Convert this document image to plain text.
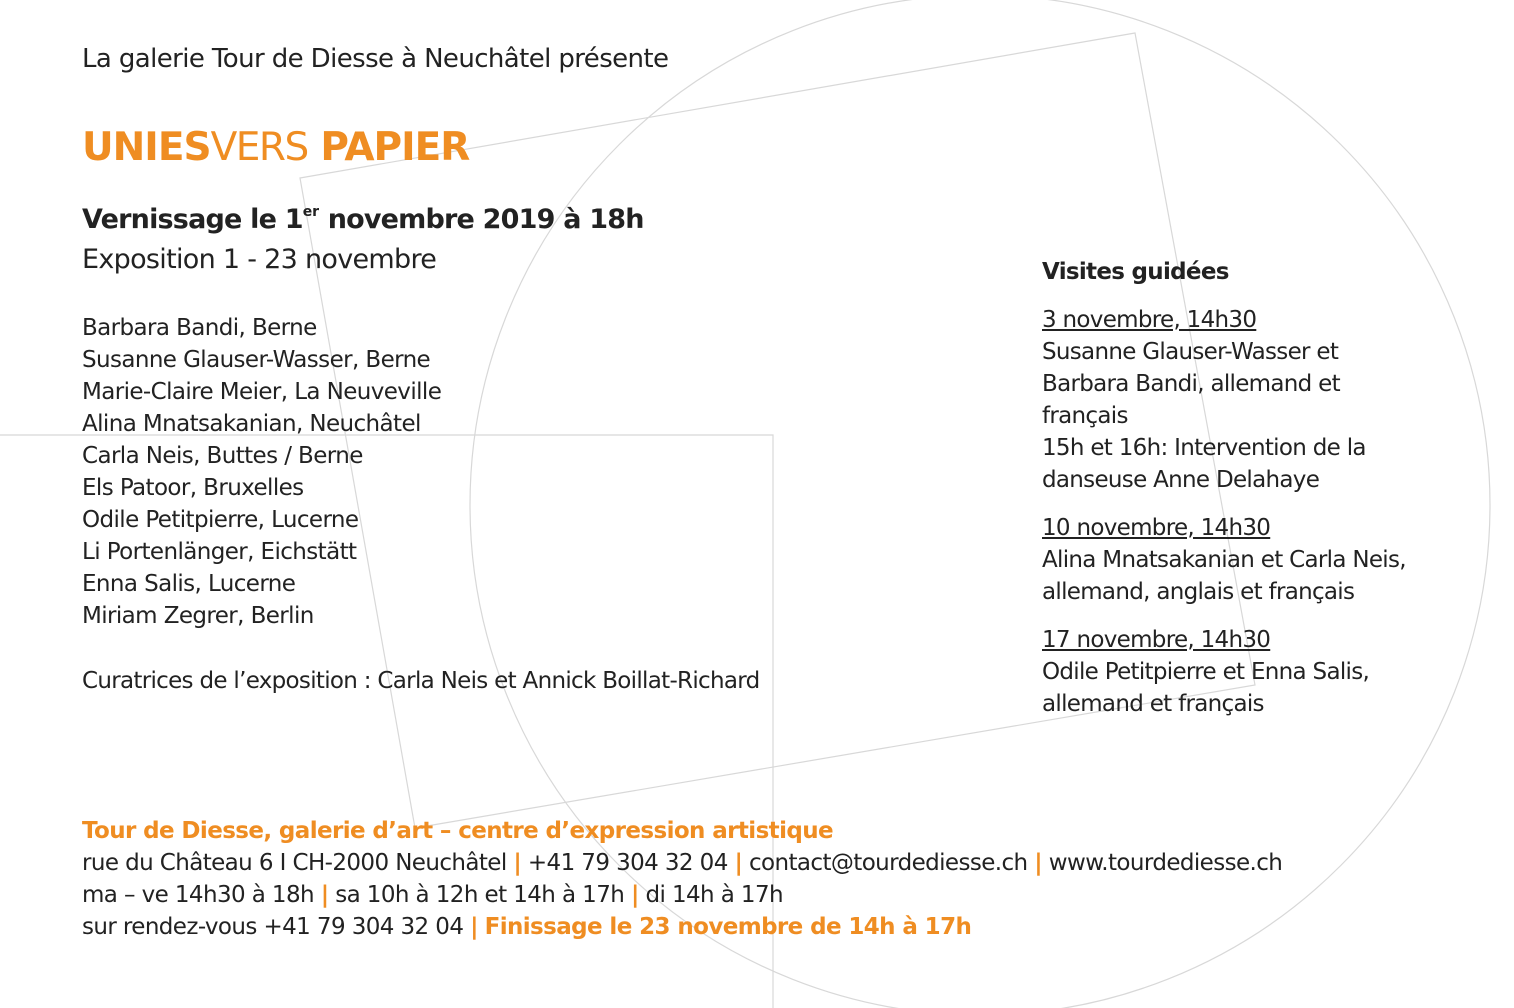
La galerie Tour de Diesse à Neuchâtel présente
UNIESVERS PAPIER
Vernissage le 1er novembre 2019 à 18h
Exposition 1 - 23 novembre
Barbara Bandi, Berne
Susanne Glauser-Wasser, Berne
Marie-Claire Meier, La Neuveville
Alina Mnatsakanian, Neuchâtel
Carla Neis, Buttes / Berne
Els Patoor, Bruxelles
Odile Petitpierre, Lucerne
Li Portenlänger, Eichstätt
Enna Salis, Lucerne
Miriam Zegrer, Berlin
Curatrices de l’exposition : Carla Neis et Annick Boillat-Richard
Visites guidées
3 novembre, 14h30
Susanne Glauser-Wasser et
Barbara Bandi, allemand et
français
15h et 16h: Intervention de la
danseuse Anne Delahaye
10 novembre, 14h30
Alina Mnatsakanian et Carla Neis,
allemand, anglais et français
17 novembre, 14h30
Odile Petitpierre et Enna Salis,
allemand et français
Tour de Diesse, galerie d’art – centre d’expression artistique
rue du Château 6 I CH-2000 Neuchâtel | +41 79 304 32 04 | contact@tourdediesse.ch | www.tourdediesse.ch
ma – ve 14h30 à 18h | sa 10h à 12h et 14h à 17h | di 14h à 17h
sur rendez-vous +41 79 304 32 04 | Finissage le 23 novembre de 14h à 17h
